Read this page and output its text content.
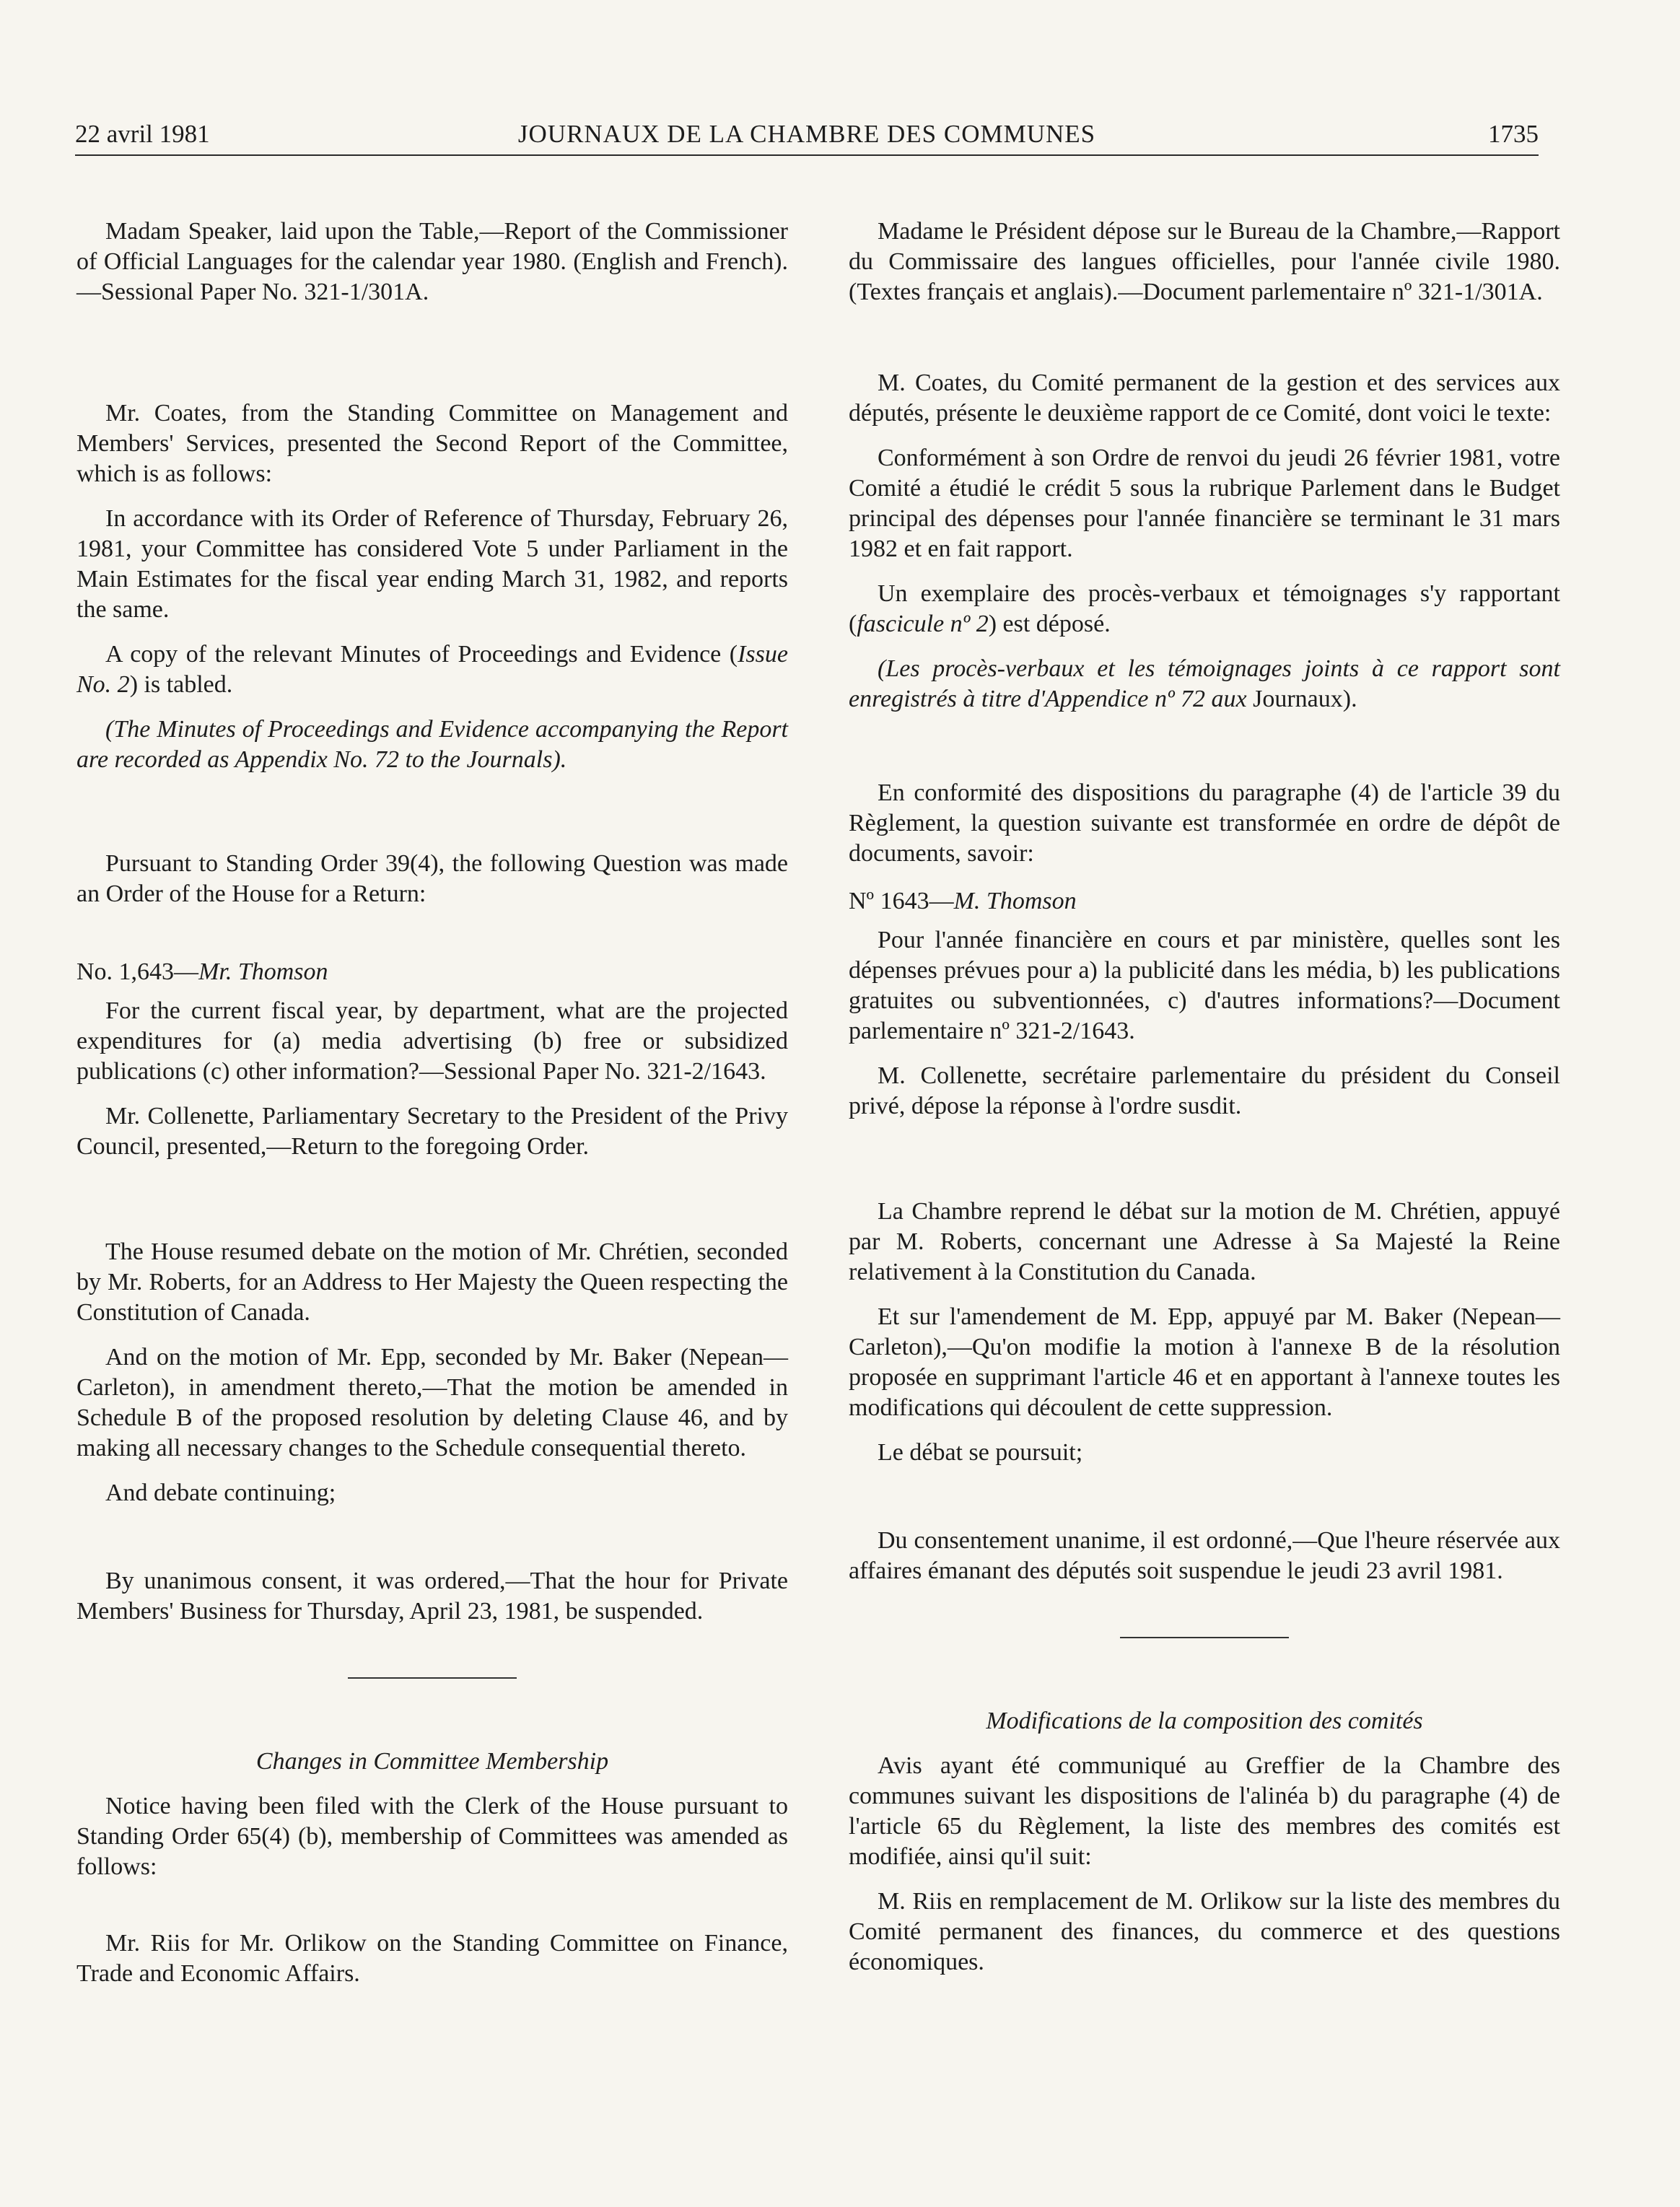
22 avril 1981	JOURNAUX DE LA CHAMBRE DES COMMUNES	1735

Madam Speaker, laid upon the Table,—Report of the Commissioner of Official Languages for the calendar year 1980. (English and French).—Sessional Paper No. 321-1/301A.

Mr. Coates, from the Standing Committee on Management and Members' Services, presented the Second Report of the Committee, which is as follows:

In accordance with its Order of Reference of Thursday, February 26, 1981, your Committee has considered Vote 5 under Parliament in the Main Estimates for the fiscal year ending March 31, 1982, and reports the same.

A copy of the relevant Minutes of Proceedings and Evidence (Issue No. 2) is tabled.

(The Minutes of Proceedings and Evidence accompanying the Report are recorded as Appendix No. 72 to the Journals).

Pursuant to Standing Order 39(4), the following Question was made an Order of the House for a Return:

No. 1,643—Mr. Thomson

For the current fiscal year, by department, what are the projected expenditures for (a) media advertising (b) free or subsidized publications (c) other information?—Sessional Paper No. 321-2/1643.

Mr. Collenette, Parliamentary Secretary to the President of the Privy Council, presented,—Return to the foregoing Order.

The House resumed debate on the motion of Mr. Chrétien, seconded by Mr. Roberts, for an Address to Her Majesty the Queen respecting the Constitution of Canada.

And on the motion of Mr. Epp, seconded by Mr. Baker (Nepean—Carleton), in amendment thereto,—That the motion be amended in Schedule B of the proposed resolution by deleting Clause 46, and by making all necessary changes to the Schedule consequential thereto.

And debate continuing;

By unanimous consent, it was ordered,—That the hour for Private Members' Business for Thursday, April 23, 1981, be suspended.

Changes in Committee Membership

Notice having been filed with the Clerk of the House pursuant to Standing Order 65(4) (b), membership of Committees was amended as follows:

Mr. Riis for Mr. Orlikow on the Standing Committee on Finance, Trade and Economic Affairs.

Madame le Président dépose sur le Bureau de la Chambre,—Rapport du Commissaire des langues officielles, pour l'année civile 1980. (Textes français et anglais).—Document parlementaire nº 321-1/301A.

M. Coates, du Comité permanent de la gestion et des services aux députés, présente le deuxième rapport de ce Comité, dont voici le texte:

Conformément à son Ordre de renvoi du jeudi 26 février 1981, votre Comité a étudié le crédit 5 sous la rubrique Parlement dans le Budget principal des dépenses pour l'année financière se terminant le 31 mars 1982 et en fait rapport.

Un exemplaire des procès-verbaux et témoignages s'y rapportant (fascicule nº 2) est déposé.

(Les procès-verbaux et les témoignages joints à ce rapport sont enregistrés à titre d'Appendice nº 72 aux Journaux).

En conformité des dispositions du paragraphe (4) de l'article 39 du Règlement, la question suivante est transformée en ordre de dépôt de documents, savoir:

Nº 1643—M. Thomson

Pour l'année financière en cours et par ministère, quelles sont les dépenses prévues pour a) la publicité dans les média, b) les publications gratuites ou subventionnées, c) d'autres informations?—Document parlementaire nº 321-2/1643.

M. Collenette, secrétaire parlementaire du président du Conseil privé, dépose la réponse à l'ordre susdit.

La Chambre reprend le débat sur la motion de M. Chrétien, appuyé par M. Roberts, concernant une Adresse à Sa Majesté la Reine relativement à la Constitution du Canada.

Et sur l'amendement de M. Epp, appuyé par M. Baker (Nepean—Carleton),—Qu'on modifie la motion à l'annexe B de la résolution proposée en supprimant l'article 46 et en apportant à l'annexe toutes les modifications qui découlent de cette suppression.

Le débat se poursuit;

Du consentement unanime, il est ordonné,—Que l'heure réservée aux affaires émanant des députés soit suspendue le jeudi 23 avril 1981.

Modifications de la composition des comités

Avis ayant été communiqué au Greffier de la Chambre des communes suivant les dispositions de l'alinéa b) du paragraphe (4) de l'article 65 du Règlement, la liste des membres des comités est modifiée, ainsi qu'il suit:

M. Riis en remplacement de M. Orlikow sur la liste des membres du Comité permanent des finances, du commerce et des questions économiques.
